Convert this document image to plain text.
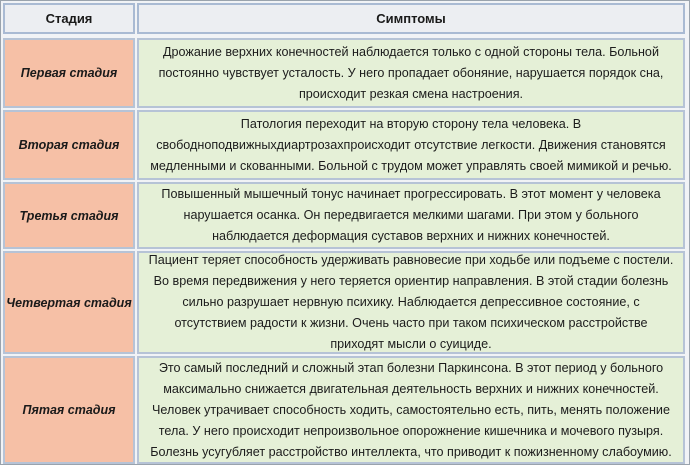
Стадия	Симптомы
Первая стадия
Дрожание верхних конечностей наблюдается только с одной стороны тела. Больной постоянно чувствует усталость. У него пропадает обоняние, нарушается порядок сна, происходит резкая смена настроения.
Вторая стадия
Патология переходит на вторую сторону тела человека. В свободноподвижныхдиартрозахпроисходит отсутствие легкости. Движения становятся медленными и скованными. Больной с трудом может управлять своей мимикой и речью.
Третья стадия
Повышенный мышечный тонус начинает прогрессировать. В этот момент у человека нарушается осанка. Он передвигается мелкими шагами. При этом у больного наблюдается деформация суставов верхних и нижних конечностей.
Четвертая стадия
Пациент теряет способность удерживать равновесие при ходьбе или подъеме с постели. Во время передвижения у него теряется ориентир направления. В этой стадии болезнь сильно разрушает нервную психику. Наблюдается депрессивное состояние, с отсутствием радости к жизни. Очень часто при таком психическом расстройстве приходят мысли о суициде.
Пятая стадия
Это самый последний и сложный этап болезни Паркинсона. В этот период у больного максимально снижается двигательная деятельность верхних и нижних конечностей. Человек утрачивает способность ходить, самостоятельно есть, пить, менять положение тела. У него происходит непроизвольное опорожнение кишечника и мочевого пузыря. Болезнь усугубляет расстройство интеллекта, что приводит к пожизненному слабоумию.
